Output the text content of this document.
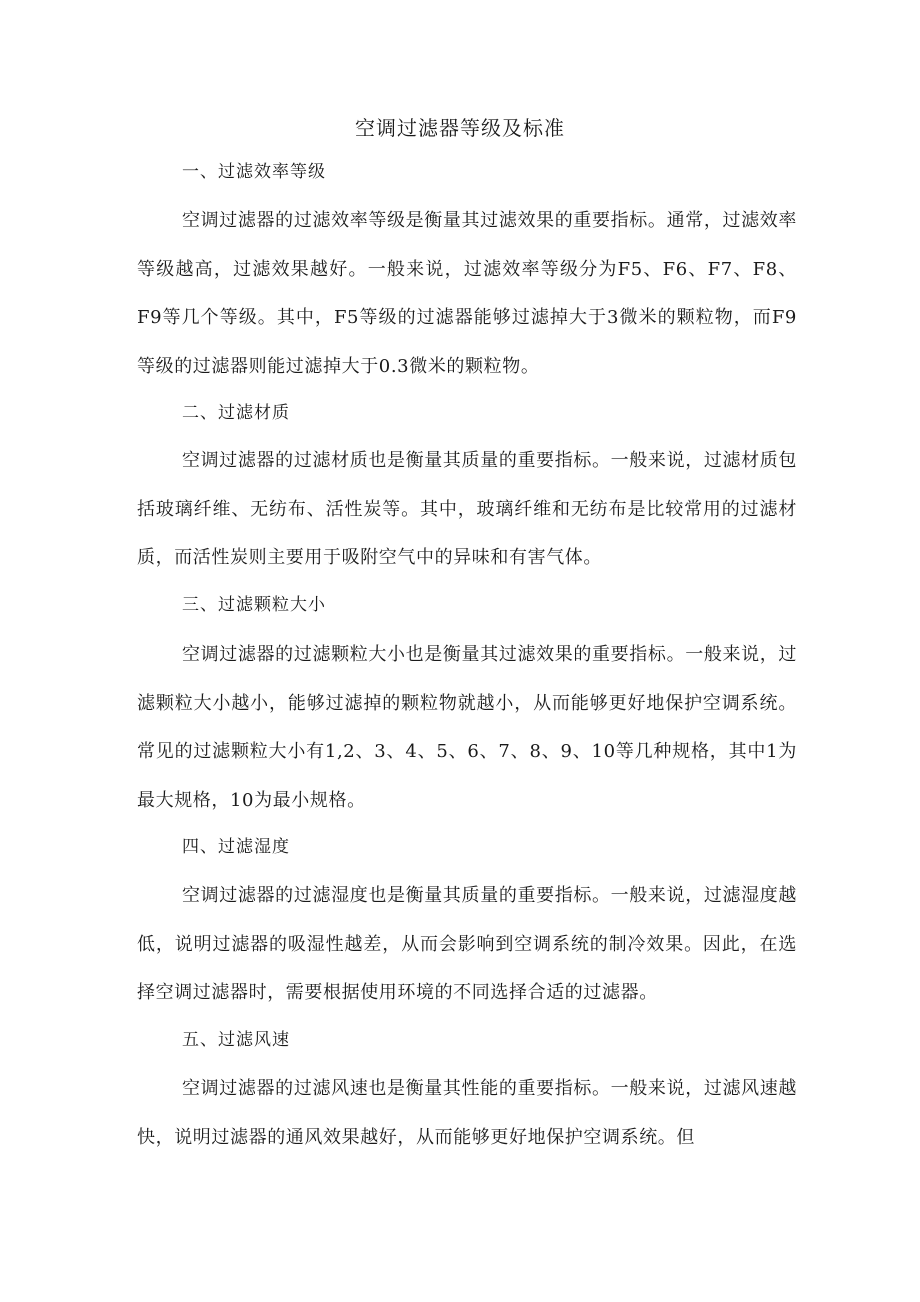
空调过滤器等级及标准
一、过滤效率等级

空调过滤器的过滤效率等级是衡量其过滤效果的重要指标。通常，过滤效率等级越高，过滤效果越好。一般来说，过滤效率等级分为F5、F6、F7、F8、F9等几个等级。其中，F5等级的过滤器能够过滤掉大于3微米的颗粒物，而F9等级的过滤器则能过滤掉大于0.3微米的颗粒物。

二、过滤材质

空调过滤器的过滤材质也是衡量其质量的重要指标。一般来说，过滤材质包括玻璃纤维、无纺布、活性炭等。其中，玻璃纤维和无纺布是比较常用的过滤材质，而活性炭则主要用于吸附空气中的异味和有害气体。

三、过滤颗粒大小

空调过滤器的过滤颗粒大小也是衡量其过滤效果的重要指标。一般来说，过滤颗粒大小越小，能够过滤掉的颗粒物就越小，从而能够更好地保护空调系统。常见的过滤颗粒大小有1,2、3、4、5、6、7、8、9、10等几种规格，其中1为最大规格，10为最小规格。

四、过滤湿度

空调过滤器的过滤湿度也是衡量其质量的重要指标。一般来说，过滤湿度越低，说明过滤器的吸湿性越差，从而会影响到空调系统的制冷效果。因此，在选择空调过滤器时，需要根据使用环境的不同选择合适的过滤器。

五、过滤风速

空调过滤器的过滤风速也是衡量其性能的重要指标。一般来说，过滤风速越快，说明过滤器的通风效果越好，从而能够更好地保护空调系统。但
